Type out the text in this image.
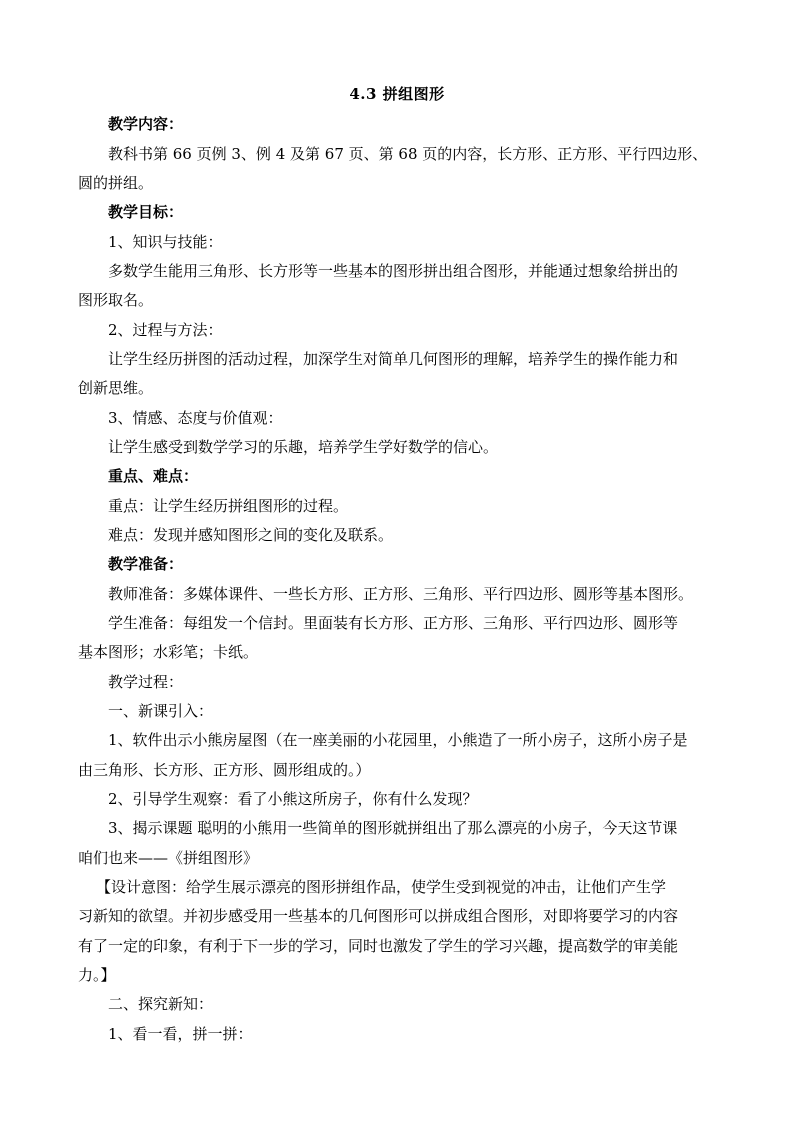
4.3 拼组图形
教学内容：
教科书第 66 页例 3、例 4 及第 67 页、第 68 页的内容，长方形、正方形、平行四边形、
圆的拼组。
教学目标：
1、知识与技能：
多数学生能用三角形、长方形等一些基本的图形拼出组合图形，并能通过想象给拼出的
图形取名。
2、过程与方法：
让学生经历拼图的活动过程，加深学生对简单几何图形的理解，培养学生的操作能力和
创新思维。
3、情感、态度与价值观：
让学生感受到数学学习的乐趣，培养学生学好数学的信心。
重点、难点：
重点：让学生经历拼组图形的过程。
难点：发现并感知图形之间的变化及联系。
教学准备：
教师准备：多媒体课件、一些长方形、正方形、三角形、平行四边形、圆形等基本图形。
学生准备：每组发一个信封。里面装有长方形、正方形、三角形、平行四边形、圆形等
基本图形；水彩笔；卡纸。
教学过程：
一、新课引入：
1、软件出示小熊房屋图（在一座美丽的小花园里，小熊造了一所小房子，这所小房子是
由三角形、长方形、正方形、圆形组成的。）
2、引导学生观察：看了小熊这所房子，你有什么发现？
3、揭示课题 聪明的小熊用一些简单的图形就拼组出了那么漂亮的小房子，今天这节课
咱们也来——《拼组图形》
【设计意图：给学生展示漂亮的图形拼组作品，使学生受到视觉的冲击，让他们产生学
习新知的欲望。并初步感受用一些基本的几何图形可以拼成组合图形，对即将要学习的内容
有了一定的印象，有利于下一步的学习，同时也激发了学生的学习兴趣，提高数学的审美能
力。】
二、探究新知：
1、看一看，拼一拼：
